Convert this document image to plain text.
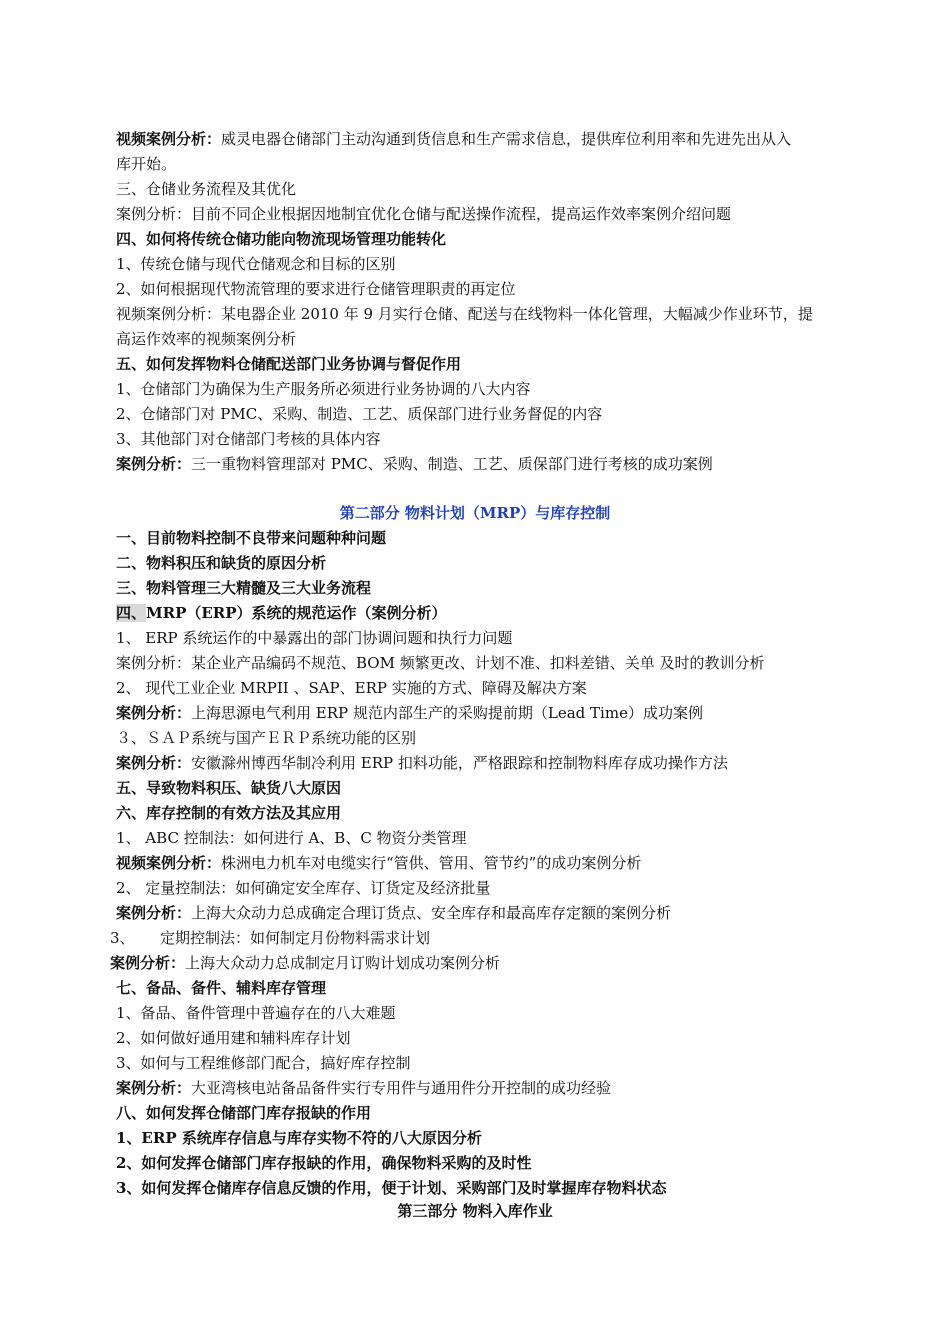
视频案例分析：威灵电器仓储部门主动沟通到货信息和生产需求信息，提供库位利用率和先进先出从入
库开始。
三、仓储业务流程及其优化
案例分析：目前不同企业根据因地制宜优化仓储与配送操作流程，提高运作效率案例介绍问题
四、如何将传统仓储功能向物流现场管理功能转化
1、传统仓储与现代仓储观念和目标的区别
2、如何根据现代物流管理的要求进行仓储管理职责的再定位
视频案例分析：某电器企业 2010 年 9 月实行仓储、配送与在线物料一体化管理，大幅减少作业环节，提
高运作效率的视频案例分析
五、如何发挥物料仓储配送部门业务协调与督促作用
1、仓储部门为确保为生产服务所必须进行业务协调的八大内容
2、仓储部门对 PMC、采购、制造、工艺、质保部门进行业务督促的内容
3、其他部门对仓储部门考核的具体内容
案例分析：三一重物料管理部对 PMC、采购、制造、工艺、质保部门进行考核的成功案例
第二部分 物料计划（MRP）与库存控制
一、目前物料控制不良带来问题种种问题
二、物料积压和缺货的原因分析
三、物料管理三大精髓及三大业务流程
四、MRP（ERP）系统的规范运作（案例分析）
1、 ERP 系统运作的中暴露出的部门协调问题和执行力问题
案例分析：某企业产品编码不规范、BOM 频繁更改、计划不准、扣料差错、关单 及时的教训分析
2、 现代工业企业 MRPII 、SAP、ERP 实施的方式、障碍及解决方案
案例分析：上海思源电气利用 ERP 规范内部生产的采购提前期（Lead Time）成功案例
３、ＳＡＰ系统与国产ＥＲＰ系统功能的区别
案例分析：安徽滁州博西华制冷利用 ERP 扣料功能，严格跟踪和控制物料库存成功操作方法
五、导致物料积压、缺货八大原因
六、库存控制的有效方法及其应用
1、 ABC 控制法：如何进行 A、B、C 物资分类管理
视频案例分析：株洲电力机车对电缆实行“管供、管用、管节约”的成功案例分析
2、 定量控制法：如何确定安全库存、订货定及经济批量
案例分析：上海大众动力总成确定合理订货点、安全库存和最高库存定额的案例分析
3、 定期控制法：如何制定月份物料需求计划
案例分析：上海大众动力总成制定月订购计划成功案例分析
七、备品、备件、辅料库存管理
1、备品、备件管理中普遍存在的八大难题
2、如何做好通用建和辅料库存计划
3、如何与工程维修部门配合，搞好库存控制
案例分析：大亚湾核电站备品备件实行专用件与通用件分开控制的成功经验
八、如何发挥仓储部门库存报缺的作用
1、ERP 系统库存信息与库存实物不符的八大原因分析
2、如何发挥仓储部门库存报缺的作用，确保物料采购的及时性
3、如何发挥仓储库存信息反馈的作用，便于计划、采购部门及时掌握库存物料状态
第三部分 物料入库作业
